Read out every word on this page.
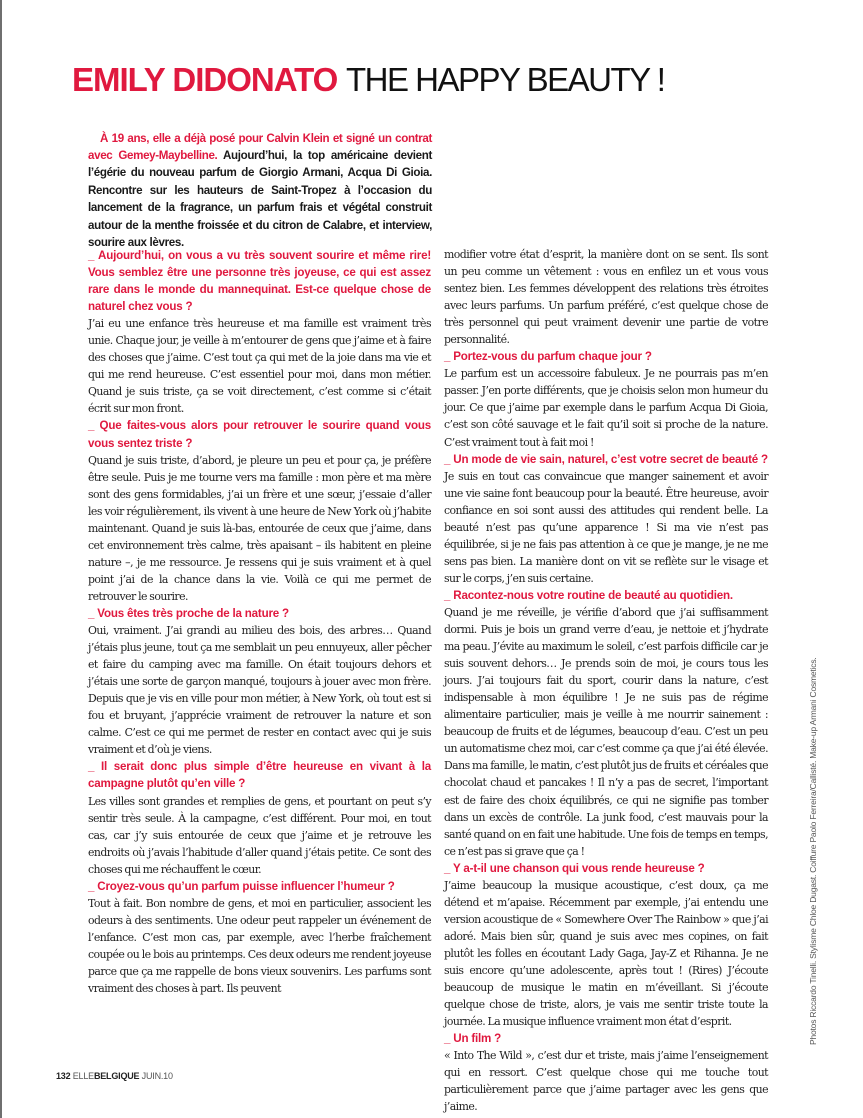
EMILY DIDONATO THE HAPPY BEAUTY !

À 19 ans, elle a déjà posé pour Calvin Klein et signé un contrat avec Gemey-Maybelline. Aujourd’hui, la top américaine devient l’égérie du nouveau parfum de Giorgio Armani, Acqua Di Gioia. Rencontre sur les hauteurs de Saint-Tropez à l’occasion du lancement de la fragrance, un parfum frais et végétal construit autour de la menthe froissée et du citron de Calabre, et interview, sourire aux lèvres.

_ Aujourd’hui, on vous a vu très souvent sourire et même rire! Vous semblez être une personne très joyeuse, ce qui est assez rare dans le monde du mannequinat. Est-ce quelque chose de naturel chez vous ?

J’ai eu une enfance très heureuse et ma famille est vraiment très unie. Chaque jour, je veille à m’entourer de gens que j’aime et à faire des choses que j’aime. C’est tout ça qui met de la joie dans ma vie et qui me rend heureuse. C’est essentiel pour moi, dans mon métier. Quand je suis triste, ça se voit directement, c’est comme si c’était écrit sur mon front.

_ Que faites-vous alors pour retrouver le sourire quand vous vous sentez triste ?

Quand je suis triste, d’abord, je pleure un peu et pour ça, je préfère être seule. Puis je me tourne vers ma famille : mon père et ma mère sont des gens formidables, j’ai un frère et une sœur, j’essaie d’aller les voir régulièrement, ils vivent à une heure de New York où j’habite maintenant. Quand je suis là-bas, entourée de ceux que j’aime, dans cet environnement très calme, très apaisant – ils habitent en pleine nature –, je me ressource. Je ressens qui je suis vraiment et à quel point j’ai de la chance dans la vie. Voilà ce qui me permet de retrouver le sourire.

_ Vous êtes très proche de la nature ?

Oui, vraiment. J’ai grandi au milieu des bois, des arbres… Quand j’étais plus jeune, tout ça me semblait un peu ennuyeux, aller pêcher et faire du camping avec ma famille. On était toujours dehors et j’étais une sorte de garçon manqué, toujours à jouer avec mon frère. Depuis que je vis en ville pour mon métier, à New York, où tout est si fou et bruyant, j’apprécie vraiment de retrouver la nature et son calme. C’est ce qui me permet de rester en contact avec qui je suis vraiment et d’où je viens.

_ Il serait donc plus simple d’être heureuse en vivant à la campagne plutôt qu’en ville ?

Les villes sont grandes et remplies de gens, et pourtant on peut s’y sentir très seule. À la campagne, c’est différent. Pour moi, en tout cas, car j’y suis entourée de ceux que j’aime et je retrouve les endroits où j’avais l’habitude d’aller quand j’étais petite. Ce sont des choses qui me réchauffent le cœur.

_ Croyez-vous qu’un parfum puisse influencer l’humeur ?

Tout à fait. Bon nombre de gens, et moi en particulier, associent les odeurs à des sentiments. Une odeur peut rappeler un événement de l’enfance. C’est mon cas, par exemple, avec l’herbe fraîchement coupée ou le bois au printemps. Ces deux odeurs me rendent joyeuse parce que ça me rappelle de bons vieux souvenirs. Les parfums sont vraiment des choses à part. Ils peuvent

modifier votre état d’esprit, la manière dont on se sent. Ils sont un peu comme un vêtement : vous en enfilez un et vous vous sentez bien. Les femmes développent des relations très étroites avec leurs parfums. Un parfum préféré, c’est quelque chose de très personnel qui peut vraiment devenir une partie de votre personnalité.

_ Portez-vous du parfum chaque jour ?

Le parfum est un accessoire fabuleux. Je ne pourrais pas m’en passer. J’en porte différents, que je choisis selon mon humeur du jour. Ce que j’aime par exemple dans le parfum Acqua Di Gioia, c’est son côté sauvage et le fait qu’il soit si proche de la nature. C’est vraiment tout à fait moi !

_ Un mode de vie sain, naturel, c’est votre secret de beauté ?

Je suis en tout cas convaincue que manger sainement et avoir une vie saine font beaucoup pour la beauté. Être heureuse, avoir confiance en soi sont aussi des attitudes qui rendent belle. La beauté n’est pas qu’une apparence ! Si ma vie n’est pas équilibrée, si je ne fais pas attention à ce que je mange, je ne me sens pas bien. La manière dont on vit se reflète sur le visage et sur le corps, j’en suis certaine.

_ Racontez-nous votre routine de beauté au quotidien.

Quand je me réveille, je vérifie d’abord que j’ai suffisamment dormi. Puis je bois un grand verre d’eau, je nettoie et j’hydrate ma peau. J’évite au maximum le soleil, c’est parfois difficile car je suis souvent dehors… Je prends soin de moi, je cours tous les jours. J’ai toujours fait du sport, courir dans la nature, c’est indispensable à mon équilibre ! Je ne suis pas de régime alimentaire particulier, mais je veille à me nourrir sainement : beaucoup de fruits et de légumes, beaucoup d’eau. C’est un peu un automatisme chez moi, car c’est comme ça que j’ai été élevée. Dans ma famille, le matin, c’est plutôt jus de fruits et céréales que chocolat chaud et pancakes ! Il n’y a pas de secret, l’important est de faire des choix équilibrés, ce qui ne signifie pas tomber dans un excès de contrôle. La junk food, c’est mauvais pour la santé quand on en fait une habitude. Une fois de temps en temps, ce n’est pas si grave que ça !

_ Y a-t-il une chanson qui vous rende heureuse ?

J’aime beaucoup la musique acoustique, c’est doux, ça me détend et m’apaise. Récemment par exemple, j’ai entendu une version acoustique de « Somewhere Over The Rainbow » que j’ai adoré. Mais bien sûr, quand je suis avec mes copines, on fait plutôt les folles en écoutant Lady Gaga, Jay-Z et Rihanna. Je ne suis encore qu’une adolescente, après tout ! (Rires) J’écoute beaucoup de musique le matin en m’éveillant. Si j’écoute quelque chose de triste, alors, je vais me sentir triste toute la journée. La musique influence vraiment mon état d’esprit.

_ Un film ?

« Into The Wild », c’est dur et triste, mais j’aime l’enseignement qui en ressort. C’est quelque chose qui me touche tout particulièrement parce que j’aime partager avec les gens que j’aime.

Photos Riccardo Tinelli. Stylisme Chloe Dugast. Coiffure Paolo Ferreira/Callisté. Make-up Armani Cosmetics.
132 ELLEBELGIQUE JUIN.10
